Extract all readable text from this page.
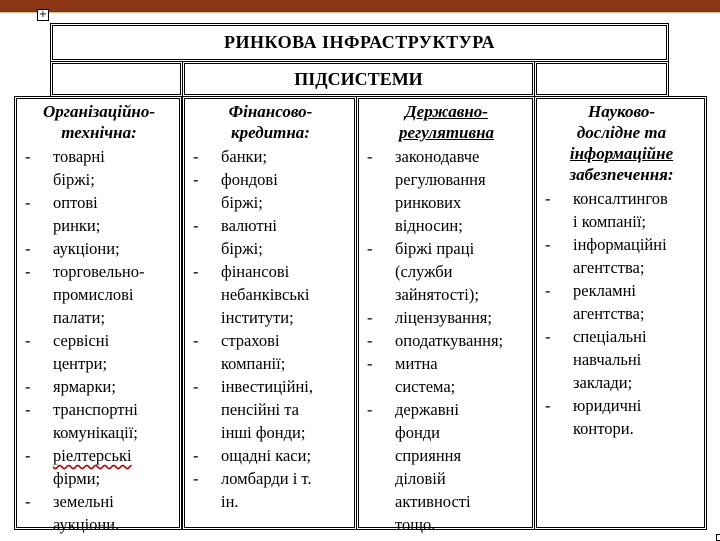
+
РИНКОВА ІНФРАСТРУКТУРА
ПІДСИСТЕМИ
Організаційно-
технічна:
- товарні
біржі;
- оптові
ринки;
- аукціони;
- торговельно-
промислові
палати;
- сервісні
центри;
- ярмарки;
- транспортні
комунікації;
- ріелтерські
фірми;
- земельні
аукціони.
Фінансово-
кредитна:
- банки;
- фондові
біржі;
- валютні
біржі;
- фінансові
небанківські
інститути;
- страхові
компанії;
- інвестиційні,
пенсійні та
інші фонди;
- ощадні каси;
- ломбарди і т.
ін.
Державно-
регулятивна
- законодавче
регулювання
ринкових
відносин;
- біржі праці
(служби
зайнятості);
- ліцензування;
- оподаткування;
- митна
система;
- державні
фонди
сприяння
діловій
активності
тощо.
Науково-
дослідне та
інформаційне
забезпечення:
- консалтингов
і компанії;
- інформаційні
агентства;
- рекламні
агентства;
- спеціальні
навчальні
заклади;
- юридичні
контори.
